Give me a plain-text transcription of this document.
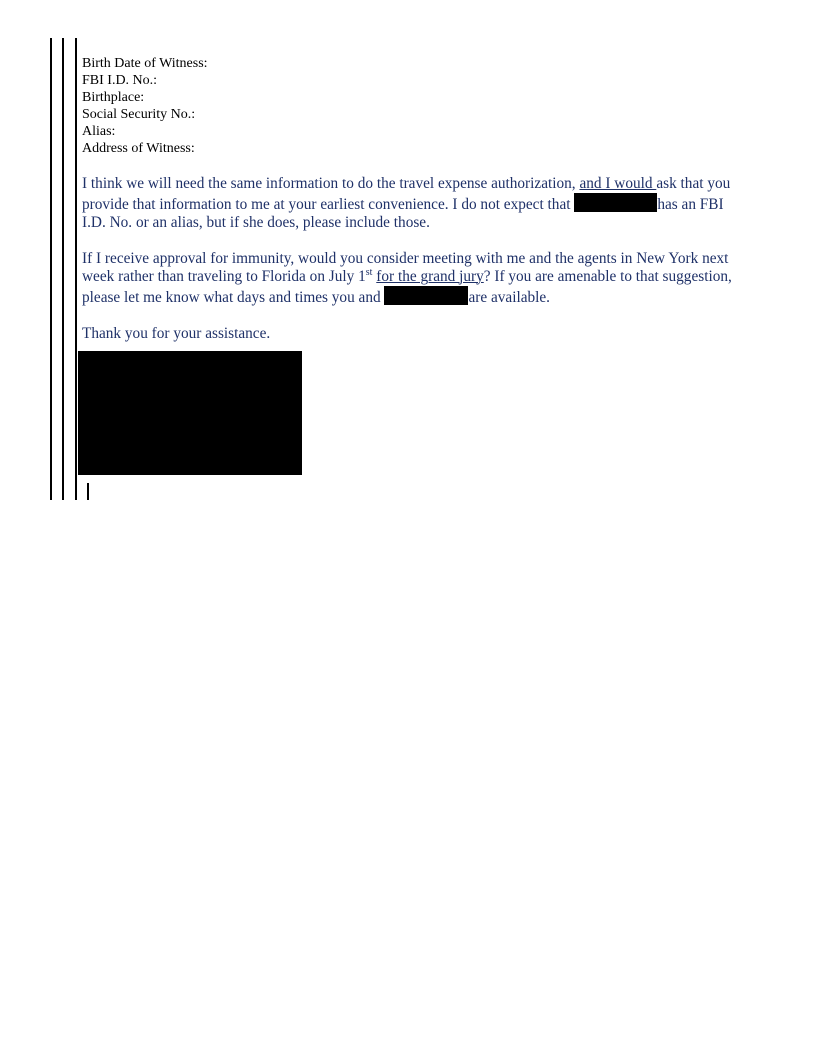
Birth Date of Witness:
FBI I.D. No.:
Birthplace:
Social Security No.:
Alias:
Address of Witness:
I think we will need the same information to do the travel expense authorization, and I would ask that you
provide that information to me at your earliest convenience. I do not expect that	has an FBI
I.D. No. or an alias, but if she does, please include those.
If I receive approval for immunity, would you consider meeting with me and the agents in New York next
week rather than traveling to Florida on July 1st for the grand jury? If you are amenable to that suggestion,
please let me know what days and times you and	are available.
Thank you for your assistance.
